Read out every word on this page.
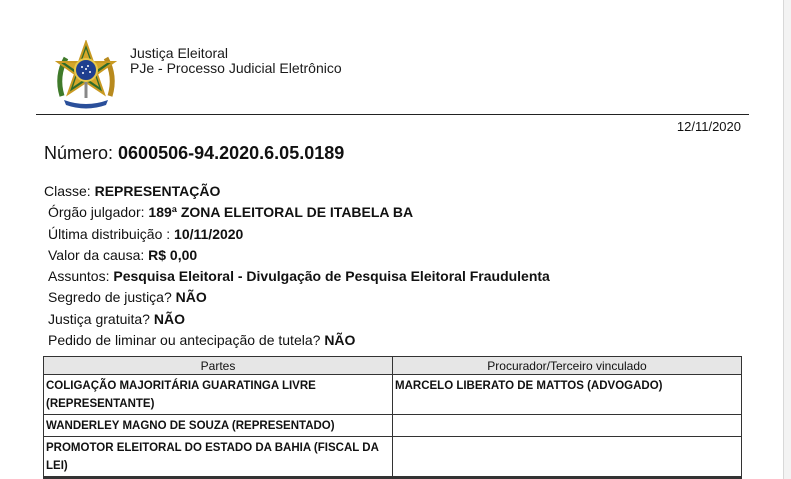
Justiça Eleitoral
PJe - Processo Judicial Eletrônico
12/11/2020
Número: 0600506-94.2020.6.05.0189
Classe: REPRESENTAÇÃO
Órgão julgador: 189ª ZONA ELEITORAL DE ITABELA BA
Última distribuição : 10/11/2020
Valor da causa: R$ 0,00
Assuntos: Pesquisa Eleitoral - Divulgação de Pesquisa Eleitoral Fraudulenta
Segredo de justiça? NÃO
Justiça gratuita? NÃO
Pedido de liminar ou antecipação de tutela? NÃO
Partes	Procurador/Terceiro vinculado
COLIGAÇÃO MAJORITÁRIA GUARATINGA LIVRE (REPRESENTANTE)	MARCELO LIBERATO DE MATTOS (ADVOGADO)
WANDERLEY MAGNO DE SOUZA (REPRESENTADO)	
PROMOTOR ELEITORAL DO ESTADO DA BAHIA (FISCAL DA LEI)	
